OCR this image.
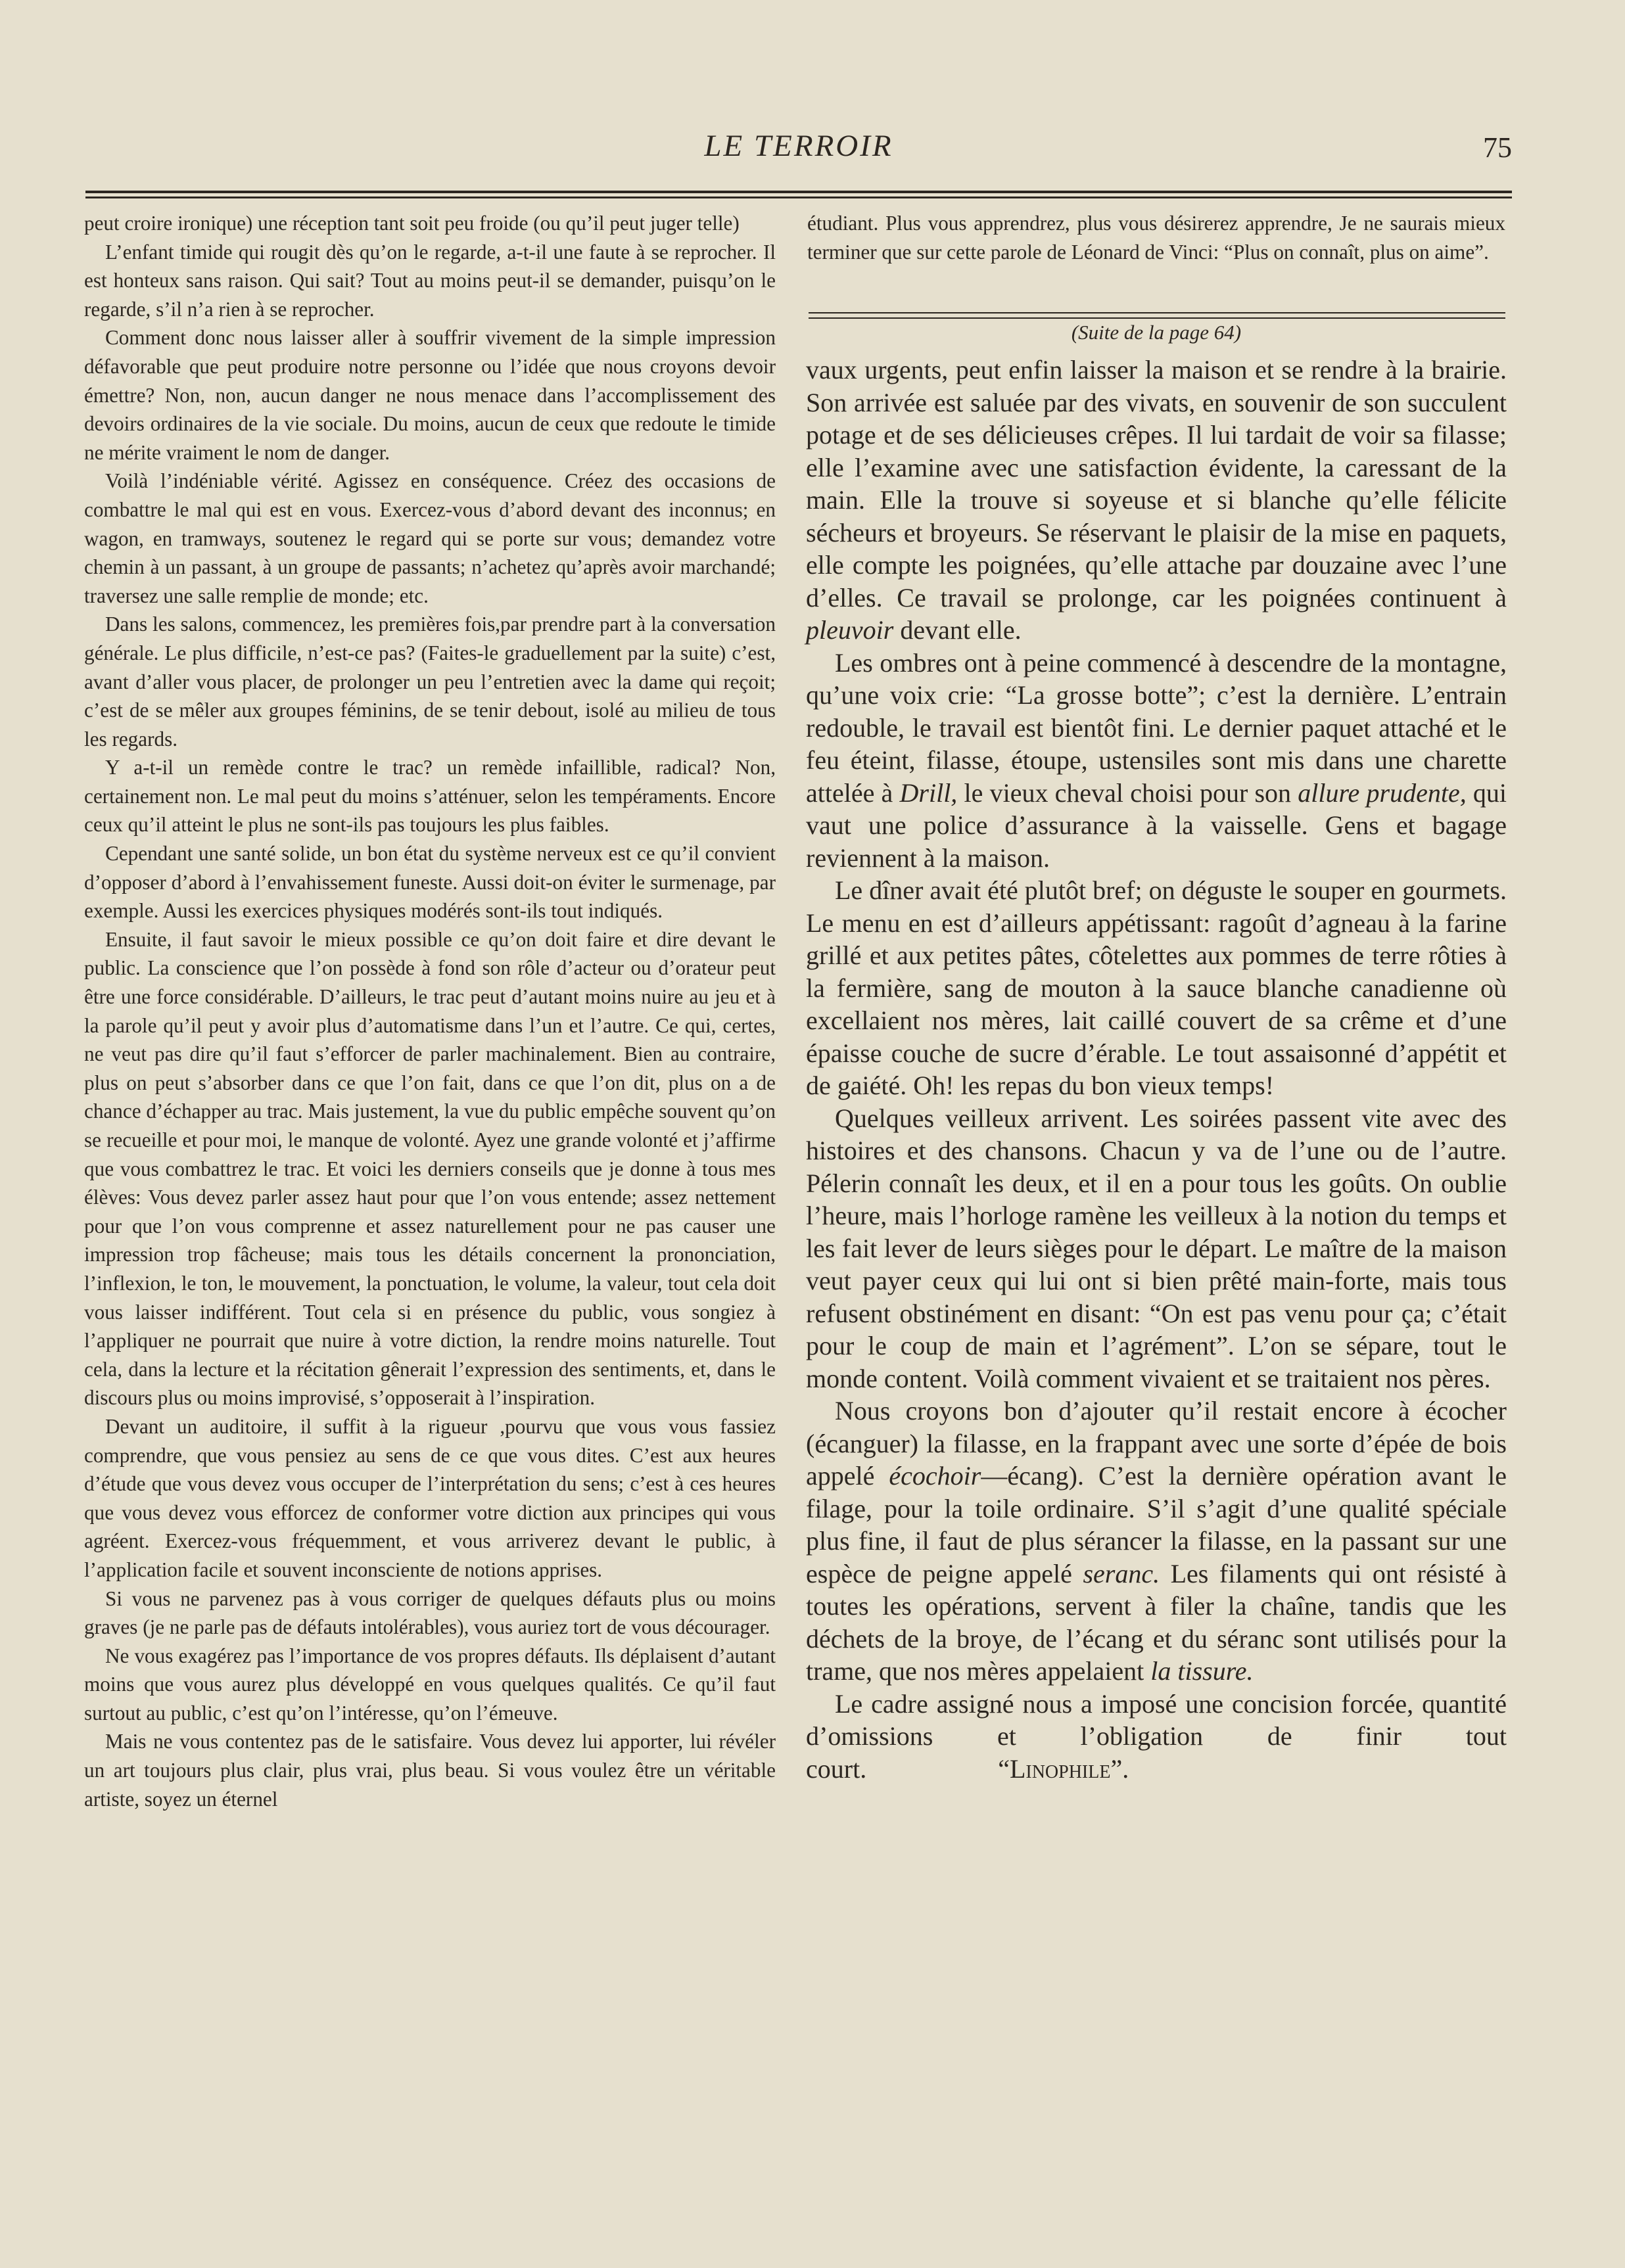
LE TERROIR	75

peut croire ironique) une réception tant soit peu froide (ou qu’il peut juger telle)

L’enfant timide qui rougit dès qu’on le regarde, a-t-il une faute à se reprocher. Il est honteux sans raison. Qui sait? Tout au moins peut-il se demander, puisqu’on le regarde, s’il n’a rien à se reprocher.

Comment donc nous laisser aller à souffrir vivement de la simple impression défavorable que peut produire notre personne ou l’idée que nous croyons devoir émettre? Non, non, aucun danger ne nous menace dans l’accomplissement des devoirs ordinaires de la vie sociale. Du moins, aucun de ceux que redoute le timide ne mérite vraiment le nom de danger.

Voilà l’indéniable vérité. Agissez en conséquence. Créez des occasions de combattre le mal qui est en vous. Exercez-vous d’abord devant des inconnus; en wagon, en tramways, soutenez le regard qui se porte sur vous; demandez votre chemin à un passant, à un groupe de passants; n’achetez qu’après avoir marchandé; traversez une salle remplie de monde; etc.

Dans les salons, commencez, les premières fois,par prendre part à la conversation générale. Le plus difficile, n’est-ce pas? (Faites-le graduellement par la suite) c’est, avant d’aller vous placer, de prolonger un peu l’entretien avec la dame qui reçoit; c’est de se mêler aux groupes féminins, de se tenir debout, isolé au milieu de tous les regards.

Y a-t-il un remède contre le trac? un remède infaillible, radical? Non, certainement non. Le mal peut du moins s’atténuer, selon les tempéraments. Encore ceux qu’il atteint le plus ne sont-ils pas toujours les plus faibles.

Cependant une santé solide, un bon état du système nerveux est ce qu’il convient d’opposer d’abord à l’envahissement funeste. Aussi doit-on éviter le surmenage, par exemple. Aussi les exercices physiques modérés sont-ils tout indiqués.

Ensuite, il faut savoir le mieux possible ce qu’on doit faire et dire devant le public. La conscience que l’on possède à fond son rôle d’acteur ou d’orateur peut être une force considérable. D’ailleurs, le trac peut d’autant moins nuire au jeu et à la parole qu’il peut y avoir plus d’automatisme dans l’un et l’autre. Ce qui, certes, ne veut pas dire qu’il faut s’efforcer de parler machinalement. Bien au contraire, plus on peut s’absorber dans ce que l’on fait, dans ce que l’on dit, plus on a de chance d’échapper au trac. Mais justement, la vue du public empêche souvent qu’on se recueille et pour moi, le manque de volonté. Ayez une grande volonté et j’affirme que vous combattrez le trac. Et voici les derniers conseils que je donne à tous mes élèves: Vous devez parler assez haut pour que l’on vous entende; assez nettement pour que l’on vous comprenne et assez naturellement pour ne pas causer une impression trop fâcheuse; mais tous les détails concernent la prononciation, l’inflexion, le ton, le mouvement, la ponctuation, le volume, la valeur, tout cela doit vous laisser indifférent. Tout cela si en présence du public, vous songiez à l’appliquer ne pourrait que nuire à votre diction, la rendre moins naturelle. Tout cela, dans la lecture et la récitation gênerait l’expression des sentiments, et, dans le discours plus ou moins improvisé, s’opposerait à l’inspiration.

Devant un auditoire, il suffit à la rigueur ,pourvu que vous vous fassiez comprendre, que vous pensiez au sens de ce que vous dites. C’est aux heures d’étude que vous devez vous occuper de l’interprétation du sens; c’est à ces heures que vous devez vous efforcez de conformer votre diction aux principes qui vous agréent. Exercez-vous fréquemment, et vous arriverez devant le public, à l’application facile et souvent inconsciente de notions apprises.

Si vous ne parvenez pas à vous corriger de quelques défauts plus ou moins graves (je ne parle pas de défauts intolérables), vous auriez tort de vous décourager.

Ne vous exagérez pas l’importance de vos propres défauts. Ils déplaisent d’autant moins que vous aurez plus développé en vous quelques qualités. Ce qu’il faut surtout au public, c’est qu’on l’intéresse, qu’on l’émeuve.

Mais ne vous contentez pas de le satisfaire. Vous devez lui apporter, lui révéler un art toujours plus clair, plus vrai, plus beau. Si vous voulez être un véritable artiste, soyez un éternel

étudiant. Plus vous apprendrez, plus vous désirerez apprendre, Je ne saurais mieux terminer que sur cette parole de Léonard de Vinci: “Plus on connaît, plus on aime”.

(Suite de la page 64)

vaux urgents, peut enfin laisser la maison et se rendre à la brairie. Son arrivée est saluée par des vivats, en souvenir de son succulent potage et de ses délicieuses crêpes. Il lui tardait de voir sa filasse; elle l’examine avec une satisfaction évidente, la caressant de la main. Elle la trouve si soyeuse et si blanche qu’elle félicite sécheurs et broyeurs. Se réservant le plaisir de la mise en paquets, elle compte les poignées, qu’elle attache par douzaine avec l’une d’elles. Ce travail se prolonge, car les poignées continuent à pleuvoir devant elle.

Les ombres ont à peine commencé à descendre de la montagne, qu’une voix crie: “La grosse botte”; c’est la dernière. L’entrain redouble, le travail est bientôt fini. Le dernier paquet attaché et le feu éteint, filasse, étoupe, ustensiles sont mis dans une charette attelée à Drill, le vieux cheval choisi pour son allure prudente, qui vaut une police d’assurance à la vaisselle. Gens et bagage reviennent à la maison.

Le dîner avait été plutôt bref; on déguste le souper en gourmets. Le menu en est d’ailleurs appétissant: ragoût d’agneau à la farine grillé et aux petites pâtes, côtelettes aux pommes de terre rôties à la fermière, sang de mouton à la sauce blanche canadienne où excellaient nos mères, lait caillé couvert de sa crême et d’une épaisse couche de sucre d’érable. Le tout assaisonné d’appétit et de gaiété. Oh! les repas du bon vieux temps!

Quelques veilleux arrivent. Les soirées passent vite avec des histoires et des chansons. Chacun y va de l’une ou de l’autre. Pélerin connaît les deux, et il en a pour tous les goûts. On oublie l’heure, mais l’horloge ramène les veilleux à la notion du temps et les fait lever de leurs sièges pour le départ. Le maître de la maison veut payer ceux qui lui ont si bien prêté main-forte, mais tous refusent obstinément en disant: “On est pas venu pour ça; c’était pour le coup de main et l’agrément”. L’on se sépare, tout le monde content. Voilà comment vivaient et se traitaient nos pères.

Nous croyons bon d’ajouter qu’il restait encore à écocher (écanguer) la filasse, en la frappant avec une sorte d’épée de bois appelé écochoir—écang). C’est la dernière opération avant le filage, pour la toile ordinaire. S’il s’agit d’une qualité spéciale plus fine, il faut de plus sérancer la filasse, en la passant sur une espèce de peigne appelé seranc. Les filaments qui ont résisté à toutes les opérations, servent à filer la chaîne, tandis que les déchets de la broye, de l’écang et du séranc sont utilisés pour la trame, que nos mères appelaient la tissure.

Le cadre assigné nous a imposé une concision forcée, quantité d’omissions et l’obligation de finir tout court.     	“Linophile”.
